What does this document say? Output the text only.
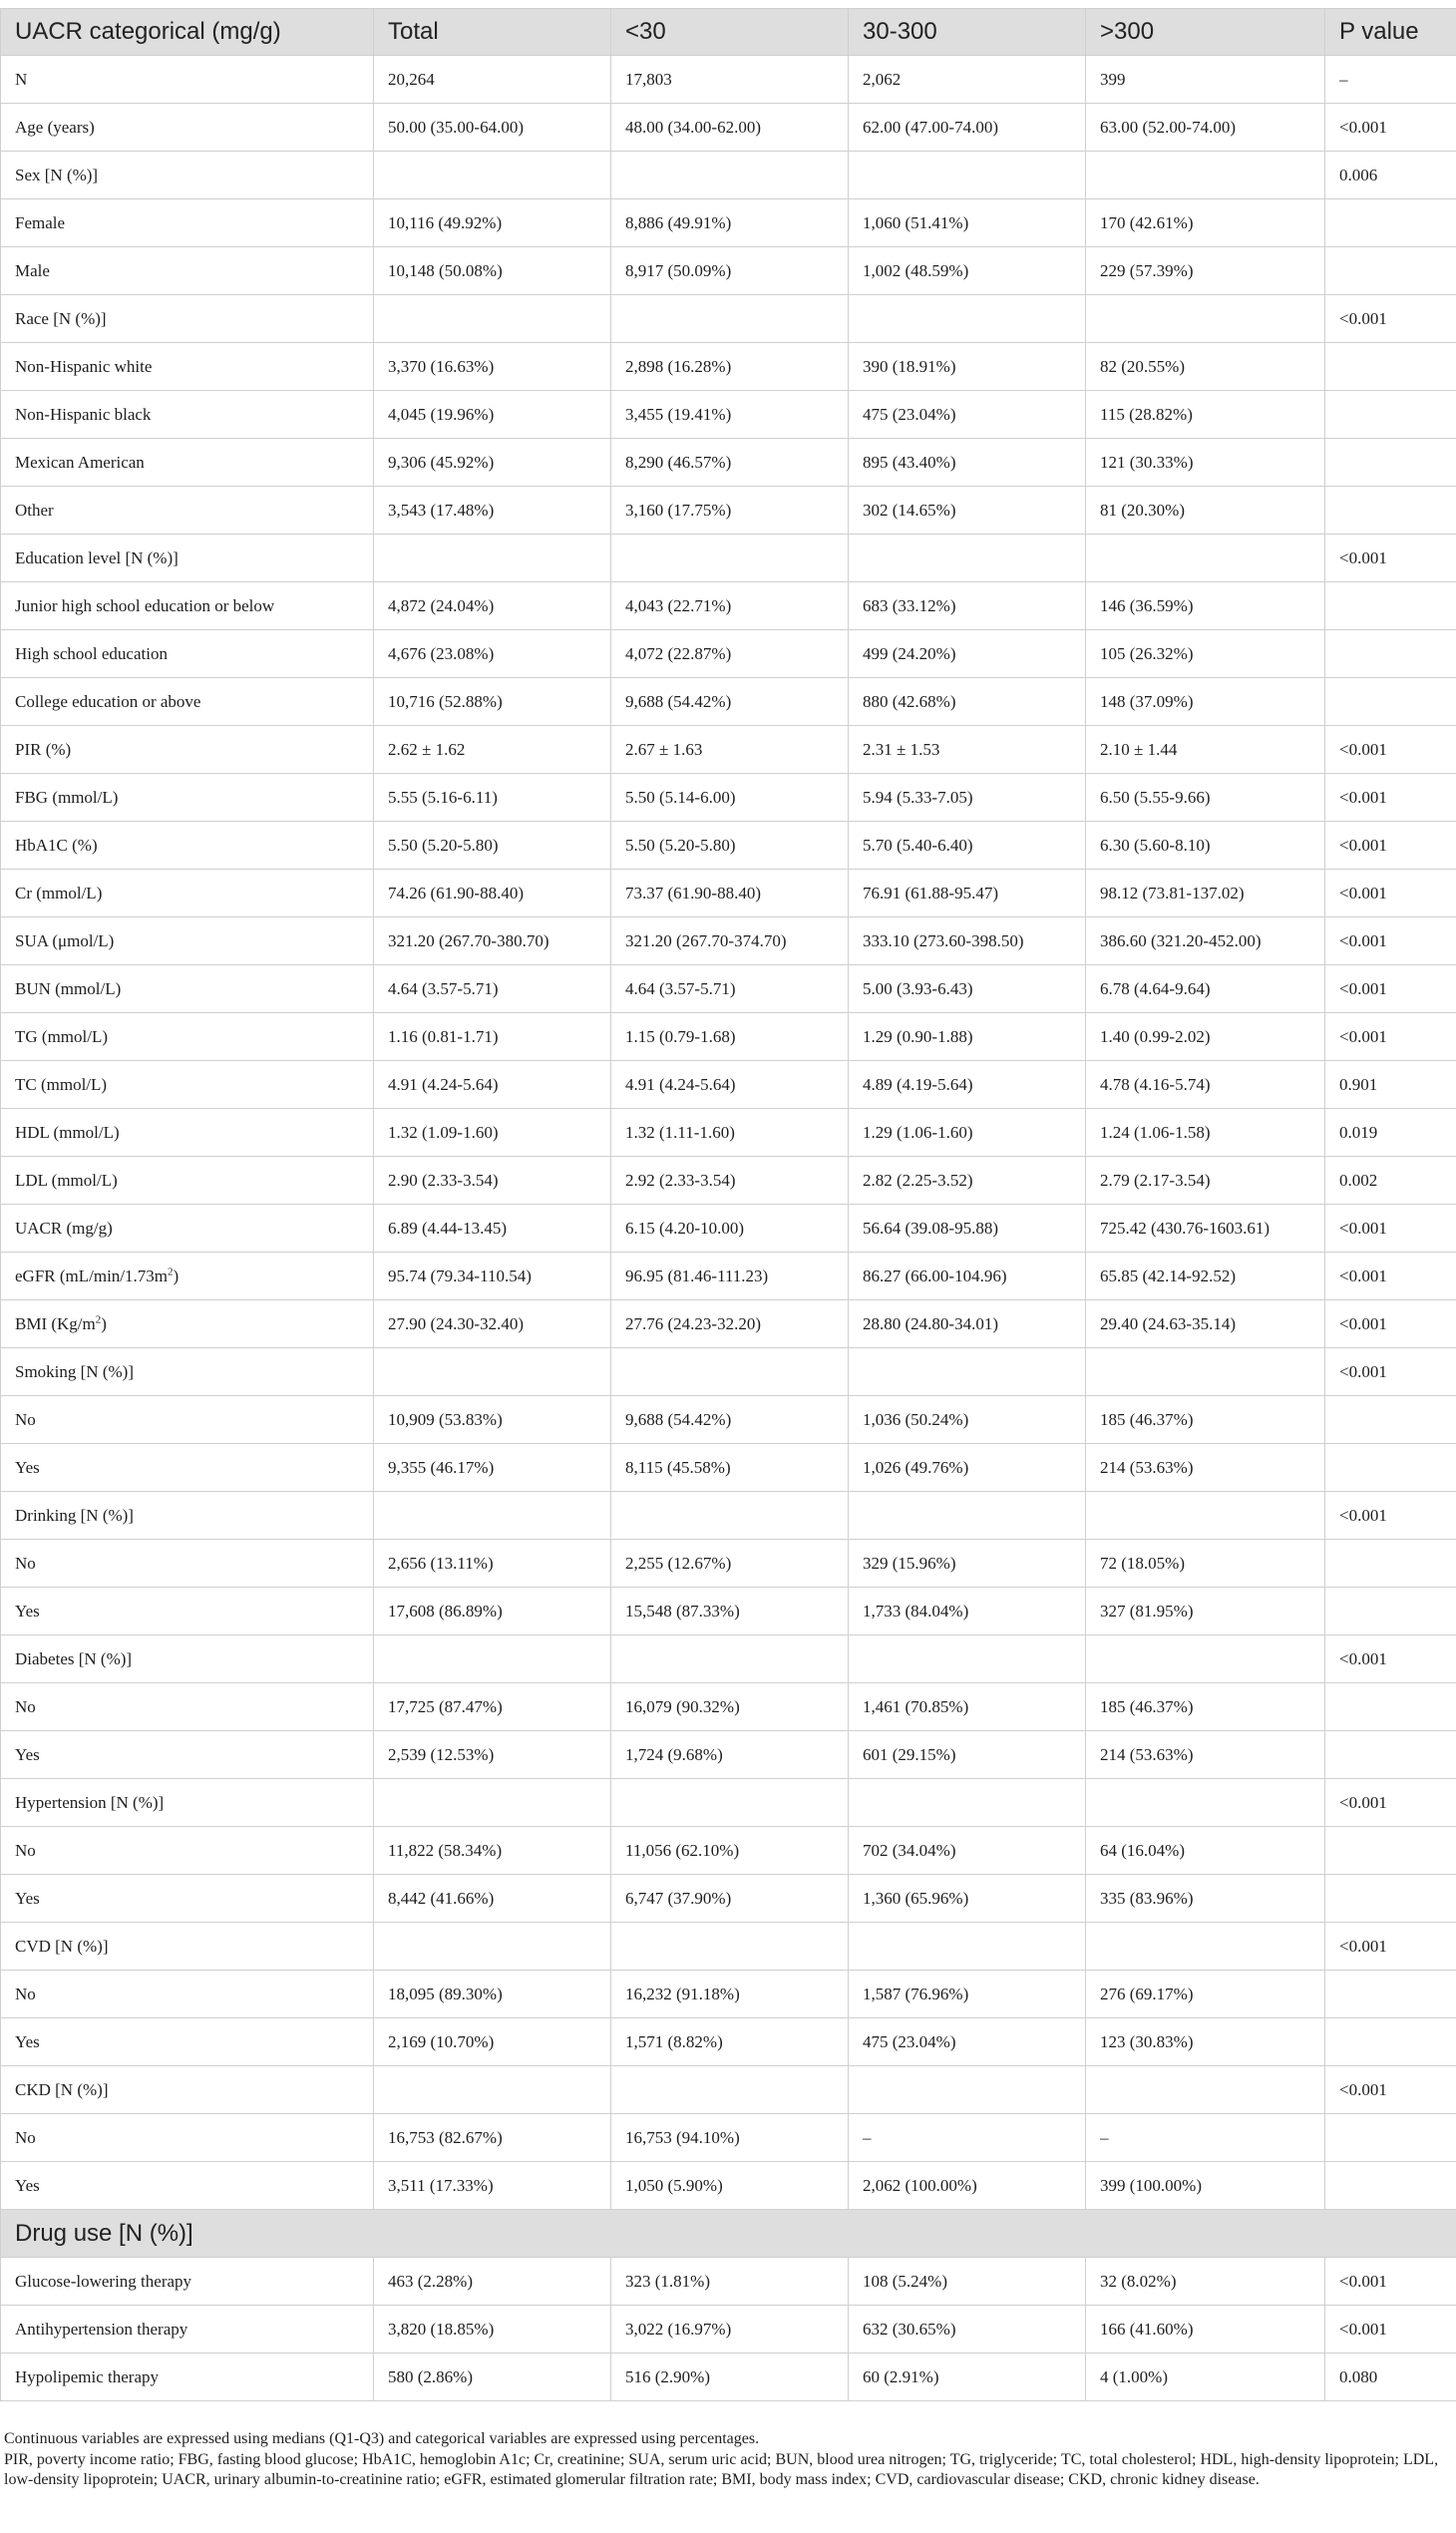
UACR categorical (mg/g)	Total	<30	30-300	>300	P value
N	20,264	17,803	2,062	399	–
Age (years)	50.00 (35.00-64.00)	48.00 (34.00-62.00)	62.00 (47.00-74.00)	63.00 (52.00-74.00)	<0.001
Sex [N (%)]					0.006
Female	10,116 (49.92%)	8,886 (49.91%)	1,060 (51.41%)	170 (42.61%)	
Male	10,148 (50.08%)	8,917 (50.09%)	1,002 (48.59%)	229 (57.39%)	
Race [N (%)]					<0.001
Non-Hispanic white	3,370 (16.63%)	2,898 (16.28%)	390 (18.91%)	82 (20.55%)	
Non-Hispanic black	4,045 (19.96%)	3,455 (19.41%)	475 (23.04%)	115 (28.82%)	
Mexican American	9,306 (45.92%)	8,290 (46.57%)	895 (43.40%)	121 (30.33%)	
Other	3,543 (17.48%)	3,160 (17.75%)	302 (14.65%)	81 (20.30%)	
Education level [N (%)]					<0.001
Junior high school education or below	4,872 (24.04%)	4,043 (22.71%)	683 (33.12%)	146 (36.59%)	
High school education	4,676 (23.08%)	4,072 (22.87%)	499 (24.20%)	105 (26.32%)	
College education or above	10,716 (52.88%)	9,688 (54.42%)	880 (42.68%)	148 (37.09%)	
PIR (%)	2.62 ± 1.62	2.67 ± 1.63	2.31 ± 1.53	2.10 ± 1.44	<0.001
FBG (mmol/L)	5.55 (5.16-6.11)	5.50 (5.14-6.00)	5.94 (5.33-7.05)	6.50 (5.55-9.66)	<0.001
HbA1C (%)	5.50 (5.20-5.80)	5.50 (5.20-5.80)	5.70 (5.40-6.40)	6.30 (5.60-8.10)	<0.001
Cr (mmol/L)	74.26 (61.90-88.40)	73.37 (61.90-88.40)	76.91 (61.88-95.47)	98.12 (73.81-137.02)	<0.001
SUA (μmol/L)	321.20 (267.70-380.70)	321.20 (267.70-374.70)	333.10 (273.60-398.50)	386.60 (321.20-452.00)	<0.001
BUN (mmol/L)	4.64 (3.57-5.71)	4.64 (3.57-5.71)	5.00 (3.93-6.43)	6.78 (4.64-9.64)	<0.001
TG (mmol/L)	1.16 (0.81-1.71)	1.15 (0.79-1.68)	1.29 (0.90-1.88)	1.40 (0.99-2.02)	<0.001
TC (mmol/L)	4.91 (4.24-5.64)	4.91 (4.24-5.64)	4.89 (4.19-5.64)	4.78 (4.16-5.74)	0.901
HDL (mmol/L)	1.32 (1.09-1.60)	1.32 (1.11-1.60)	1.29 (1.06-1.60)	1.24 (1.06-1.58)	0.019
LDL (mmol/L)	2.90 (2.33-3.54)	2.92 (2.33-3.54)	2.82 (2.25-3.52)	2.79 (2.17-3.54)	0.002
UACR (mg/g)	6.89 (4.44-13.45)	6.15 (4.20-10.00)	56.64 (39.08-95.88)	725.42 (430.76-1603.61)	<0.001
eGFR $(mL/\min/1.73m^2)$	95.74 (79.34-110.54)	96.95 (81.46-111.23)	86.27 (66.00-104.96)	65.85 (42.14-92.52)	<0.001
BMI $(Kg/m^2)$	27.90 (24.30-32.40)	27.76 (24.23-32.20)	28.80 (24.80-34.01)	29.40 (24.63-35.14)	<0.001
Smoking [N (%)]					<0.001
No	10,909 (53.83%)	9,688 (54.42%)	1,036 (50.24%)	185 (46.37%)	
Yes	9,355 (46.17%)	8,115 (45.58%)	1,026 (49.76%)	214 (53.63%)	
Drinking [N (%)]					<0.001
No	2,656 (13.11%)	2,255 (12.67%)	329 (15.96%)	72 (18.05%)	
Yes	17,608 (86.89%)	15,548 (87.33%)	1,733 (84.04%)	327 (81.95%)	
Diabetes [N (%)]					<0.001
No	17,725 (87.47%)	16,079 (90.32%)	1,461 (70.85%)	185 (46.37%)	
Yes	2,539 (12.53%)	1,724 (9.68%)	601 (29.15%)	214 (53.63%)	
Hypertension [N (%)]					<0.001
No	11,822 (58.34%)	11,056 (62.10%)	702 (34.04%)	64 (16.04%)	
Yes	8,442 (41.66%)	6,747 (37.90%)	1,360 (65.96%)	335 (83.96%)	
CVD [N (%)]					<0.001
No	18,095 (89.30%)	16,232 (91.18%)	1,587 (76.96%)	276 (69.17%)	
Yes	2,169 (10.70%)	1,571 (8.82%)	475 (23.04%)	123 (30.83%)	
CKD [N (%)]					<0.001
No	16,753 (82.67%)	16,753 (94.10%)	–	–	
Yes	3,511 (17.33%)	1,050 (5.90%)	2,062 (100.00%)	399 (100.00%)	
Drug use [N (%)]					
Glucose-lowering therapy	463 (2.28%)	323 (1.81%)	108 (5.24%)	32 (8.02%)	<0.001
Antihypertension therapy	3,820 (18.85%)	3,022 (16.97%)	632 (30.65%)	166 (41.60%)	<0.001
Hypolipemic therapy	580 (2.86%)	516 (2.90%)	60 (2.91%)	4 (1.00%)	0.080

Continuous variables are expressed using medians (Q1-Q3) and categorical variables are expressed using percentages.

PIR, poverty income ratio; FBG, fasting blood glucose; HbA1C, hemoglobin A1c; Cr, creatinine; SUA, serum uric acid; BUN, blood urea nitrogen; TG, triglyceride; TC, total cholesterol; HDL, high-density lipoprotein; LDL, low-density lipoprotein; UACR, urinary albumin-to-creatinine ratio; eGFR, estimated glomerular filtration rate; BMI, body mass index; CVD, cardiovascular disease; CKD, chronic kidney disease.
